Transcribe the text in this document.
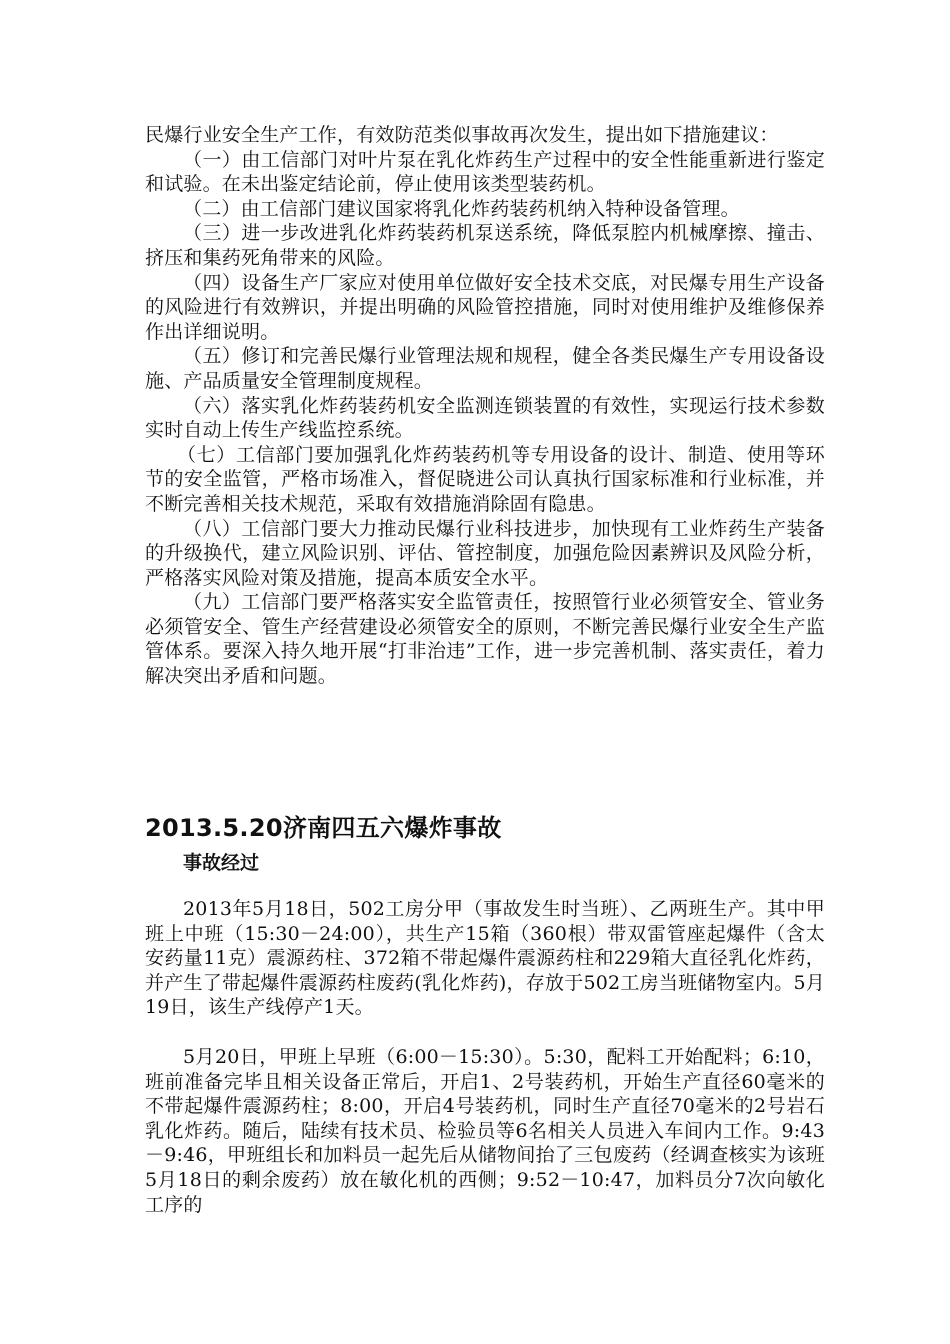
民爆行业安全生产工作，有效防范类似事故再次发生，提出如下措施建议：

（一）由工信部门对叶片泵在乳化炸药生产过程中的安全性能重新进行鉴定和试验。在未出鉴定结论前，停止使用该类型装药机。

（二）由工信部门建议国家将乳化炸药装药机纳入特种设备管理。

（三）进一步改进乳化炸药装药机泵送系统，降低泵腔内机械摩擦、撞击、挤压和集药死角带来的风险。

（四）设备生产厂家应对使用单位做好安全技术交底，对民爆专用生产设备的风险进行有效辨识，并提出明确的风险管控措施，同时对使用维护及维修保养作出详细说明。

（五）修订和完善民爆行业管理法规和规程，健全各类民爆生产专用设备设施、产品质量安全管理制度规程。

（六）落实乳化炸药装药机安全监测连锁装置的有效性，实现运行技术参数实时自动上传生产线监控系统。

（七）工信部门要加强乳化炸药装药机等专用设备的设计、制造、使用等环节的安全监管，严格市场准入，督促晓进公司认真执行国家标准和行业标准，并不断完善相关技术规范，采取有效措施消除固有隐患。

（八）工信部门要大力推动民爆行业科技进步，加快现有工业炸药生产装备的升级换代，建立风险识别、评估、管控制度，加强危险因素辨识及风险分析，严格落实风险对策及措施，提高本质安全水平。

（九）工信部门要严格落实安全监管责任，按照管行业必须管安全、管业务必须管安全、管生产经营建设必须管安全的原则，不断完善民爆行业安全生产监管体系。要深入持久地开展“打非治违”工作，进一步完善机制、落实责任，着力解决突出矛盾和问题。

2013.5.20济南四五六爆炸事故
事故经过

2013年5月18日，502工房分甲（事故发生时当班）、乙两班生产。其中甲班上中班（15:30－24:00），共生产15箱（360根）带双雷管座起爆件（含太安药量11克）震源药柱、372箱不带起爆件震源药柱和229箱大直径乳化炸药，并产生了带起爆件震源药柱废药(乳化炸药)，存放于502工房当班储物室内。5月19日，该生产线停产1天。

5月20日，甲班上早班（6:00－15:30）。5:30，配料工开始配料；6:10，班前准备完毕且相关设备正常后，开启1、2号装药机，开始生产直径60毫米的不带起爆件震源药柱；8:00，开启4号装药机，同时生产直径70毫米的2号岩石乳化炸药。随后，陆续有技术员、检验员等6名相关人员进入车间内工作。9:43－9:46，甲班组长和加料员一起先后从储物间抬了三包废药（经调查核实为该班5月18日的剩余废药）放在敏化机的西侧；9:52－10:47，加料员分7次向敏化工序的
